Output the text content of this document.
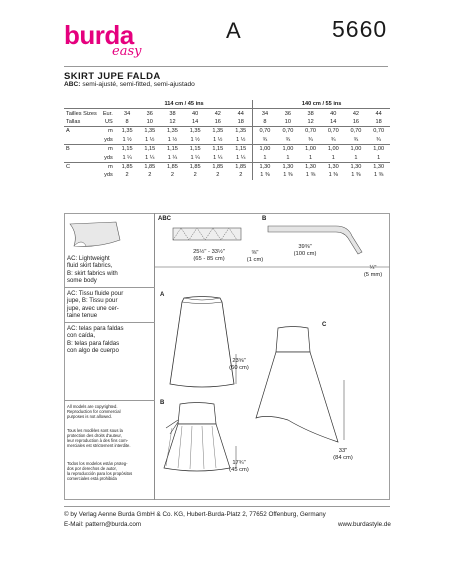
burda
easy
A	5660
SKIRT JUPE FALDA
ABC: semi-ajusté, semi-fitted, semi-ajustado
		114 cm / 45 ins						140 cm / 55 ins					
Tailles Sizes	Eur.	34	36	38	40	42	44	34	36	38	40	42	44
Tallas	US	8	10	12	14	16	18	8	10	12	14	16	18
A	m	1,35	1,35	1,35	1,35	1,35	1,35	0,70	0,70	0,70	0,70	0,70	0,70
	yds	1 ½	1 ½	1 ½	1 ½	1 ½	1 ½	¾	¾	¾	¾	¾	¾
B	m	1,15	1,15	1,15	1,15	1,15	1,15	1,00	1,00	1,00	1,00	1,00	1,00
	yds	1 ¼	1 ¼	1 ¼	1 ¼	1 ¼	1 ¼	1	1	1	1	1	1
C	m	1,85	1,85	1,85	1,85	1,85	1,85	1,30	1,30	1,30	1,30	1,30	1,30
	yds	2	2	2	2	2	2	1 ⅜	1 ⅜	1 ⅜	1 ⅜	1 ⅜	1 ⅜
AC: Lightweight
fluid skirt fabrics,
B: skirt fabrics with
some body
AC: Tissu fluide pour
jupe, B: Tissu pour
jupe, avec une cer-
taine tenue
AC: telas para faldas
con caída,
B: telas para faldas
con algo de cuerpo
All models are copyrighted.
Reproduction for commercial
purposes is not allowed.
Tous les modèles sont sous la
protection des droits d'auteur,
leur reproduction à des fins com-
merciales est strictement interdite.
Todos los modelos están proteg-
dos por derechos de autor,
la reproducción para los propósitos
comerciales está prohibida
ABC
25½" - 33½"
(65 - 85 cm)
⅜"
(1 cm)
B
39⅜"
(100 cm)
¼"
(5 mm)
A
23⅝"
(60 cm)
B
17¾"
(45 cm)
C
33"
(84 cm)
© by Verlag Aenne Burda GmbH & Co. KG, Hubert-Burda-Platz 2, 77652 Offenburg, Germany
E-Mail: pattern@burda.com	www.burdastyle.de
